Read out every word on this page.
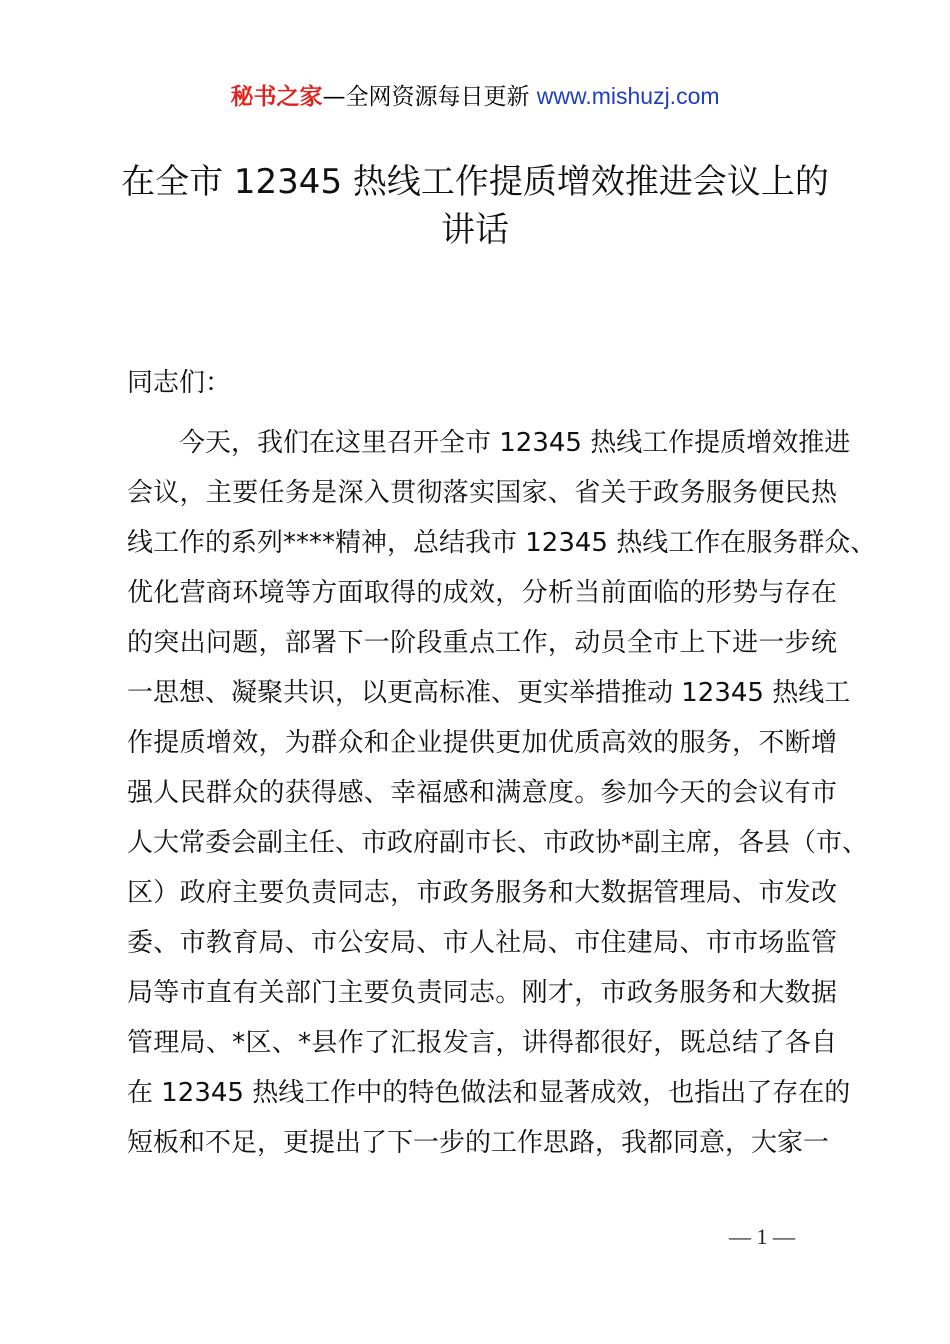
秘书之家—全网资源每日更新 www.mishuzj.com
在全市 12345 热线工作提质增效推进会议上的
讲话
同志们：
今天，我们在这里召开全市 12345 热线工作提质增效推进
会议，主要任务是深入贯彻落实国家、省关于政务服务便民热
线工作的系列****精神，总结我市 12345 热线工作在服务群众、
优化营商环境等方面取得的成效，分析当前面临的形势与存在
的突出问题，部署下一阶段重点工作，动员全市上下进一步统
一思想、凝聚共识，以更高标准、更实举措推动 12345 热线工
作提质增效，为群众和企业提供更加优质高效的服务，不断增
强人民群众的获得感、幸福感和满意度。参加今天的会议有市
人大常委会副主任、市政府副市长、市政协*副主席，各县（市、
区）政府主要负责同志，市政务服务和大数据管理局、市发改
委、市教育局、市公安局、市人社局、市住建局、市市场监管
局等市直有关部门主要负责同志。刚才，市政务服务和大数据
管理局、*区、*县作了汇报发言，讲得都很好，既总结了各自
在 12345 热线工作中的特色做法和显著成效，也指出了存在的
短板和不足，更提出了下一步的工作思路，我都同意，大家一
— 1 —
